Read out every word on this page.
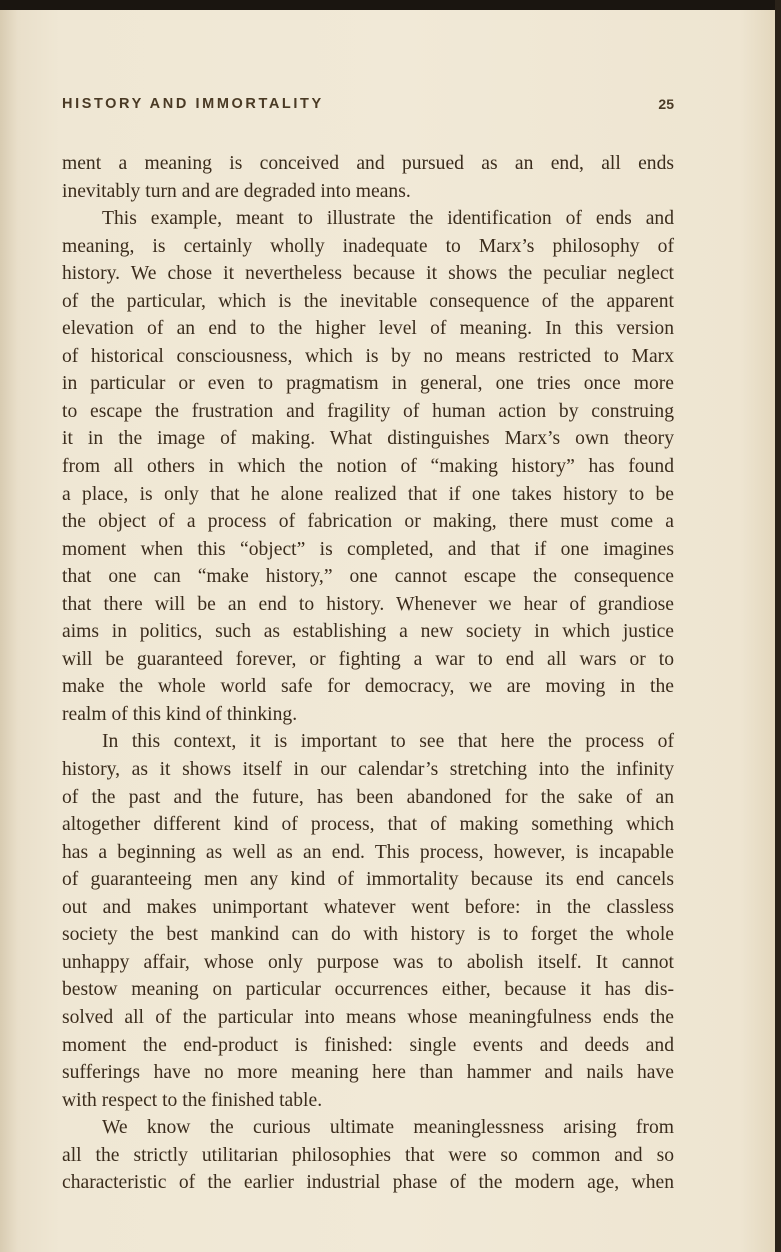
HISTORY AND IMMORTALITY	25

ment a meaning is conceived and pursued as an end, all ends

inevitably turn and are degraded into means.

This example, meant to illustrate the identification of ends and

meaning, is certainly wholly inadequate to Marx’s philosophy of

history. We chose it nevertheless because it shows the peculiar neglect

of the particular, which is the inevitable consequence of the apparent

elevation of an end to the higher level of meaning. In this version

of historical consciousness, which is by no means restricted to Marx

in particular or even to pragmatism in general, one tries once more

to escape the frustration and fragility of human action by construing

it in the image of making. What distinguishes Marx’s own theory

from all others in which the notion of “making history” has found

a place, is only that he alone realized that if one takes history to be

the object of a process of fabrication or making, there must come a

moment when this “object” is completed, and that if one imagines

that one can “make history,” one cannot escape the consequence

that there will be an end to history. Whenever we hear of grandiose

aims in politics, such as establishing a new society in which justice

will be guaranteed forever, or fighting a war to end all wars or to

make the whole world safe for democracy, we are moving in the

realm of this kind of thinking.

In this context, it is important to see that here the process of

history, as it shows itself in our calendar’s stretching into the infinity

of the past and the future, has been abandoned for the sake of an

altogether different kind of process, that of making something which

has a beginning as well as an end. This process, however, is incapable

of guaranteeing men any kind of immortality because its end cancels

out and makes unimportant whatever went before: in the classless

society the best mankind can do with history is to forget the whole

unhappy affair, whose only purpose was to abolish itself. It cannot

bestow meaning on particular occurrences either, because it has dis-

solved all of the particular into means whose meaningfulness ends the

moment the end-product is finished: single events and deeds and

sufferings have no more meaning here than hammer and nails have

with respect to the finished table.

We know the curious ultimate meaninglessness arising from

all the strictly utilitarian philosophies that were so common and so

characteristic of the earlier industrial phase of the modern age, when
